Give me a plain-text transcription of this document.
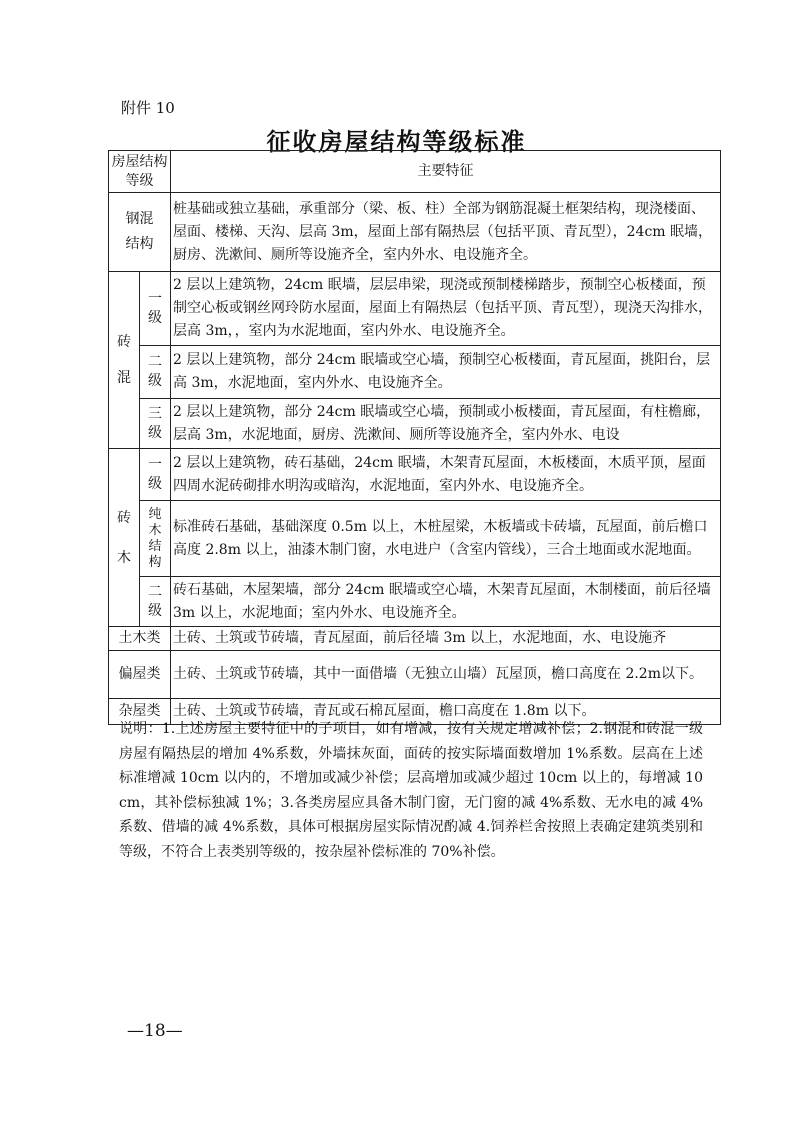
附件 10
征收房屋结构等级标准
房屋结构等级		主要特征
钢混结构		桩基础或独立基础，承重部分（梁、板、柱）全部为钢筋混凝土框架结构，现浇楼面、屋面、楼梯、天沟、层高 3m，屋面上部有隔热层（包括平顶、青瓦型），24cm 眠墙，厨房、洗漱间、厕所等设施齐全，室内外水、电设施齐全。
砖混	一级	2 层以上建筑物，24cm 眠墙，层层串梁，现浇或预制楼梯踏步，预制空心板楼面，预制空心板或钢丝网玲防水屋面，屋面上有隔热层（包括平顶、青瓦型），现浇天沟排水，层高 3m，，室内为水泥地面，室内外水、电设施齐全。
	二级	2 层以上建筑物，部分 24cm 眠墙或空心墙，预制空心板楼面，青瓦屋面，挑阳台，层高 3m，水泥地面，室内外水、电设施齐全。
	三级	2 层以上建筑物，部分 24cm 眠墙或空心墙，预制或小板楼面，青瓦屋面，有柱檐廊，层高 3m，水泥地面，厨房、洗漱间、厕所等设施齐全，室内外水、电设

砖木	一级	2 层以上建筑物，砖石基础，24cm 眠墙，木架青瓦屋面，木板楼面，木质平顶，屋面四周水泥砖砌排水明沟或暗沟，水泥地面，室内外水、电设施齐全。
	纯木结构	标准砖石基础，基础深度 0.5m 以上，木桩屋梁，木板墙或卡砖墙，瓦屋面，前后檐口高度 2.8m 以上，油漆木制门窗，水电进户（含室内管线），三合土地面或水泥地面。
	二级	砖石基础，木屋架墙，部分 24cm 眠墙或空心墙，木架青瓦屋面，木制楼面，前后径墙 3m 以上，水泥地面；室内外水、电设施齐全。
土木类		土砖、土筑或节砖墙，青瓦屋面，前后径墙 3m 以上，水泥地面，水、电设施齐

偏屋类		土砖、土筑或节砖墙，其中一面借墙（无独立山墙）瓦屋顶，檐口高度在 2.2m以下。
杂屋类		土砖、土筑或节砖墙，青瓦或石棉瓦屋面，檐口高度在 1.8m 以下。
说明：1.上述房屋主要特征中的子项目，如有增减，按有关规定增减补偿；2.钢混和砖混一级房屋有隔热层的增加 4%系数，外墙抹灰面，面砖的按实际墙面数增加 1%系数。层高在上述标准增减 10cm 以内的，不增加或减少补偿；层高增加或减少超过 10cm 以上的，每增减 10cm，其补偿标独减 1%；3.各类房屋应具备木制门窗，无门窗的减 4%系数、无水电的减 4%系数、借墙的减 4%系数，具体可根据房屋实际情况酌减 4.饲养栏舍按照上表确定建筑类别和等级，不符合上表类别等级的，按杂屋补偿标准的 70%补偿。
—18—
